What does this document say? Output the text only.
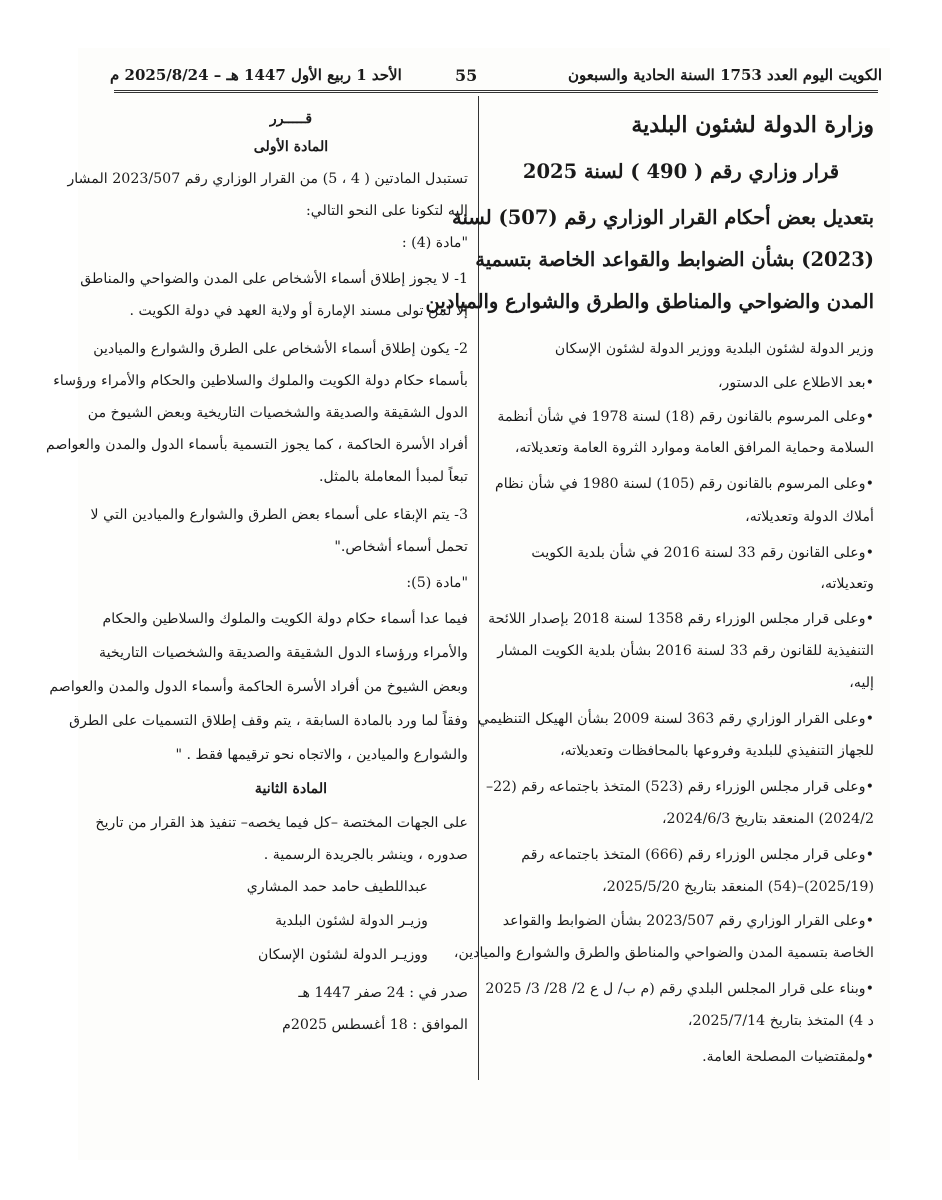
الكويت اليوم العدد 1753 السنة الحادية والسبعون
55
الأحد 1 ربيع الأول 1447 هـ – 2025/8/24 م

وزارة الدولة لشئون البلدية

قرار وزاري رقم ( 490 ) لسنة 2025

بتعديل بعض أحكام القرار الوزاري رقم (507) لسنة

(2023) بشأن الضوابط والقواعد الخاصة بتسمية

المدن والضواحي والمناطق والطرق والشوارع والميادين

وزير الدولة لشئون البلدية ووزير الدولة لشئون الإسكان

• بعد الاطلاع على الدستور،

• وعلى المرسوم بالقانون رقم (18) لسنة 1978 في شأن أنظمة

السلامة وحماية المرافق العامة وموارد الثروة العامة وتعديلاته،

• وعلى المرسوم بالقانون رقم (105) لسنة 1980 في شأن نظام

أملاك الدولة وتعديلاته،

• وعلى القانون رقم 33 لسنة 2016 في شأن بلدية الكويت

وتعديلاته،

• وعلى قرار مجلس الوزراء رقم 1358 لسنة 2018 بإصدار اللائحة

التنفيذية للقانون رقم 33 لسنة 2016 بشأن بلدية الكويت المشار

إليه،

• وعلى القرار الوزاري رقم 363 لسنة 2009 بشأن الهيكل التنظيمي

للجهاز التنفيذي للبلدية وفروعها بالمحافظات وتعديلاته،

• وعلى قرار مجلس الوزراء رقم (523) المتخذ باجتماعه رقم (22–

2024/2) المنعقد بتاريخ 2024/6/3،

• وعلى قرار مجلس الوزراء رقم (666) المتخذ باجتماعه رقم

(2025/19)–(54) المنعقد بتاريخ 2025/5/20،

• وعلى القرار الوزاري رقم 2023/507 بشأن الضوابط والقواعد

الخاصة بتسمية المدن والضواحي والمناطق والطرق والشوارع والميادين،

• وبناء على قرار المجلس البلدي رقم (م ب/ ل ع 2/ 28/ 3/ 2025

د 4) المتخذ بتاريخ 2025/7/14،

• ولمقتضيات المصلحة العامة.

قـــــرر

المادة الأولى

تستبدل المادتين ( 4 ، 5) من القرار الوزاري رقم 2023/507 المشار

إليه لتكونا على النحو التالي:

"مادة (4) :

1- لا يجوز إطلاق أسماء الأشخاص على المدن والضواحي والمناطق

إلا لمن تولى مسند الإمارة أو ولاية العهد في دولة الكويت .

2- يكون إطلاق أسماء الأشخاص على الطرق والشوارع والميادين

بأسماء حكام دولة الكويت والملوك والسلاطين والحكام والأمراء ورؤساء

الدول الشقيقة والصديقة والشخصيات التاريخية وبعض الشيوخ من

أفراد الأسرة الحاكمة ، كما يجوز التسمية بأسماء الدول والمدن والعواصم

تبعاً لمبدأ المعاملة بالمثل.

3- يتم الإبقاء على أسماء بعض الطرق والشوارع والميادين التي لا

تحمل أسماء أشخاص."

"مادة (5):

فيما عدا أسماء حكام دولة الكويت والملوك والسلاطين والحكام

والأمراء ورؤساء الدول الشقيقة والصديقة والشخصيات التاريخية

وبعض الشيوخ من أفراد الأسرة الحاكمة وأسماء الدول والمدن والعواصم

وفقاً لما ورد بالمادة السابقة ، يتم وقف إطلاق التسميات على الطرق

والشوارع والميادين ، والاتجاه نحو ترقيمها فقط . "

المادة الثانية

على الجهات المختصة –كل فيما يخصه– تنفيذ هذ القرار من تاريخ

صدوره ، وينشر بالجريدة الرسمية .

عبداللطيف حامد حمد المشاري

وزيـر الدولة لشئون البلدية

ووزيـر الدولة لشئون الإسكان

صدر في : 24 صفر 1447 هـ

الموافق : 18 أغسطس 2025م
